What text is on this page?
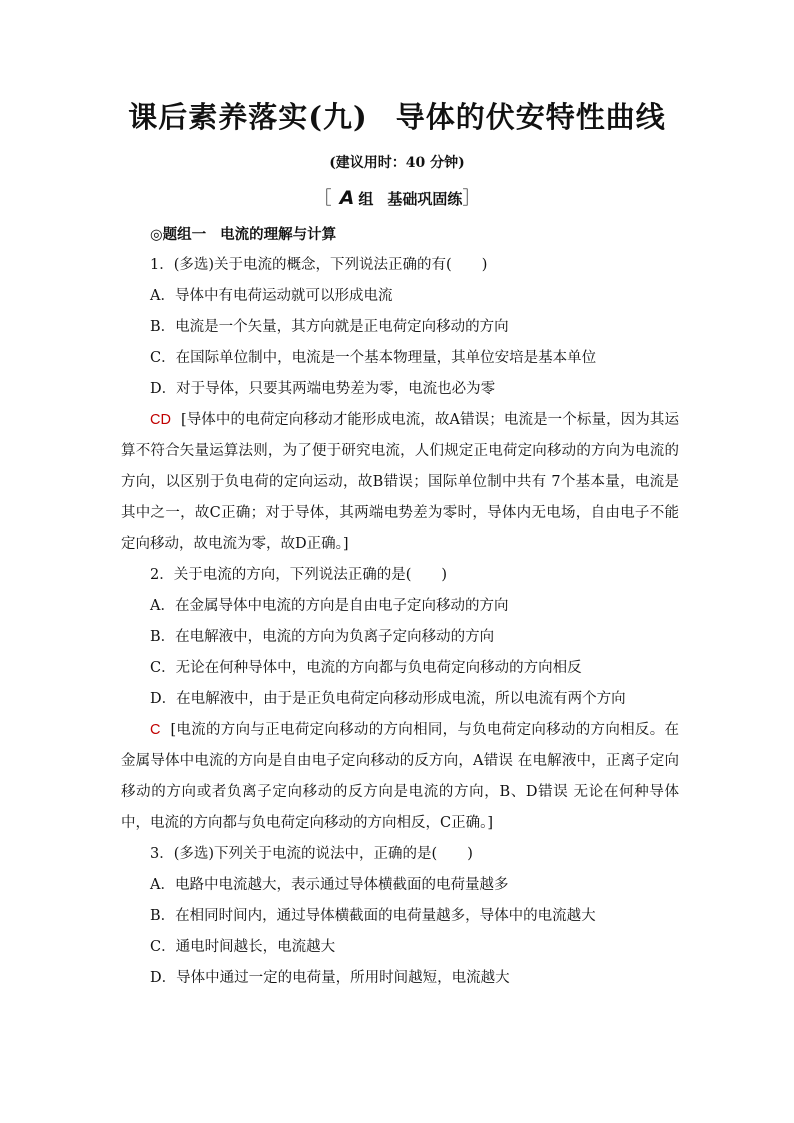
课后素养落实(九) 导体的伏安特性曲线
(建议用时：40 分钟)
［ A 组 基础巩固练］
◎题组一 电流的理解与计算
1．(多选)关于电流的概念，下列说法正确的有( )
A．导体中有电荷运动就可以形成电流
B．电流是一个矢量，其方向就是正电荷定向移动的方向
C．在国际单位制中，电流是一个基本物理量，其单位安培是基本单位
D．对于导体，只要其两端电势差为零，电流也必为零
CD [导体中的电荷定向移动才能形成电流，故A错误；电流是一个标量，因为其运算不符合矢量运算法则，为了便于研究电流，人们规定正电荷定向移动的方向为电流的方向，以区别于负电荷的定向运动，故B错误；国际单位制中共有 7个基本量，电流是其中之一，故C正确；对于导体，其两端电势差为零时，导体内无电场，自由电子不能定向移动，故电流为零，故D正确。]
2．关于电流的方向，下列说法正确的是( )
A．在金属导体中电流的方向是自由电子定向移动的方向
B．在电解液中，电流的方向为负离子定向移动的方向
C．无论在何种导体中，电流的方向都与负电荷定向移动的方向相反
D．在电解液中，由于是正负电荷定向移动形成电流，所以电流有两个方向
C [电流的方向与正电荷定向移动的方向相同，与负电荷定向移动的方向相反。在金属导体中电流的方向是自由电子定向移动的反方向，A错误 在电解液中，正离子定向移动的方向或者负离子定向移动的反方向是电流的方向，B、D错误 无论在何种导体中，电流的方向都与负电荷定向移动的方向相反，C正确。]
3．(多选)下列关于电流的说法中，正确的是( )
A．电路中电流越大，表示通过导体横截面的电荷量越多
B．在相同时间内，通过导体横截面的电荷量越多，导体中的电流越大
C．通电时间越长，电流越大
D．导体中通过一定的电荷量，所用时间越短，电流越大
